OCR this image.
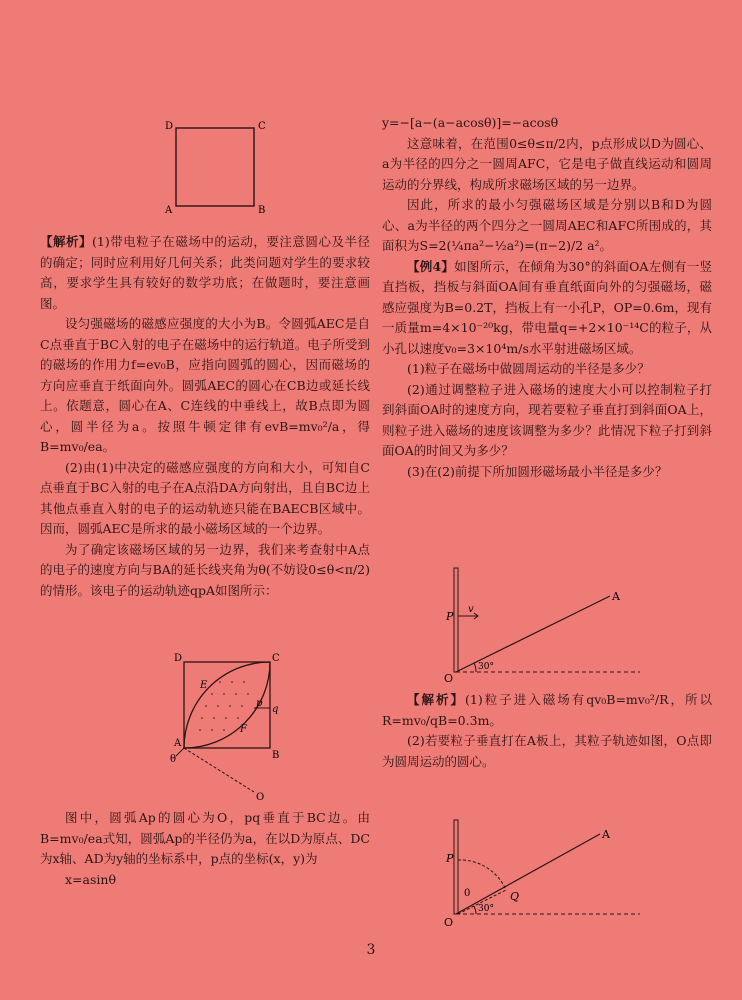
D	C
A	B

【解析】(1)带电粒子在磁场中的运动，要注意圆心及半径的确定；同时应利用好几何关系；此类问题对学生的要求较高，要求学生具有较好的数学功底；在做题时，要注意画图。

设匀强磁场的磁感应强度的大小为B。令圆弧AEC是自C点垂直于BC入射的电子在磁场中的运行轨道。电子所受到的磁场的作用力f=ev₀B，应指向圆弧的圆心，因而磁场的方向应垂直于纸面向外。圆弧AEC的圆心在CB边或延长线上。依题意，圆心在A、C连线的中垂线上，故B点即为圆心，圆半径为a。按照牛顿定律有evB=mv₀²/a，得B=mv₀/ea。

(2)由(1)中决定的磁感应强度的方向和大小，可知自C点垂直于BC入射的电子在A点沿DA方向射出，且自BC边上其他点垂直入射的电子的运动轨迹只能在BAECB区域中。因而，圆弧AEC是所求的最小磁场区域的一个边界。

为了确定该磁场区域的另一边界，我们来考查射中A点的电子的速度方向与BA的延长线夹角为θ(不妨设0≤θ<π/2)的情形。该电子的运动轨迹qpA如图所示：

D	C
E
F
A
B
p
q
O
θ

图中，圆弧Ap的圆心为O，pq垂直于BC边。由B=mv₀/ea式知，圆弧Ap的半径仍为a，在以D为原点、DC为x轴、AD为y轴的坐标系中，p点的坐标(x，y)为

x=asinθ

y=−[a−(a−acosθ)]=−acosθ

这意味着，在范围0≤θ≤π/2内，p点形成以D为圆心、a为半径的四分之一圆周AFC，它是电子做直线运动和圆周运动的分界线，构成所求磁场区域的另一边界。

因此，所求的最小匀强磁场区域是分别以B和D为圆心、a为半径的两个四分之一圆周AEC和AFC所围成的，其面积为S=2(¼πa²−½a²)=(π−2)/2 a²。

【例4】如图所示，在倾角为30°的斜面OA左侧有一竖直挡板，挡板与斜面OA间有垂直纸面向外的匀强磁场，磁感应强度为B=0.2T，挡板上有一小孔P，OP=0.6m，现有一质量m=4×10⁻²⁰kg，带电量q=+2×10⁻¹⁴C的粒子，从小孔以速度v₀=3×10⁴m/s水平射进磁场区域。

(1)粒子在磁场中做圆周运动的半径是多少？

(2)通过调整粒子进入磁场的速度大小可以控制粒子打到斜面OA时的速度方向，现若要粒子垂直打到斜面OA上，则粒子进入磁场的速度该调整为多少？此情况下粒子打到斜面OA的时间又为多少？

(3)在(2)前提下所加圆形磁场最小半径是多少？

P
v
A
O
30°

【解析】(1)粒子进入磁场有qv₀B=mv₀²/R，所以R=mv₀/qB=0.3m。

(2)若要粒子垂直打在A板上，其粒子轨迹如图，O点即为圆周运动的圆心。

P
Q
A
O
0
30°
3
